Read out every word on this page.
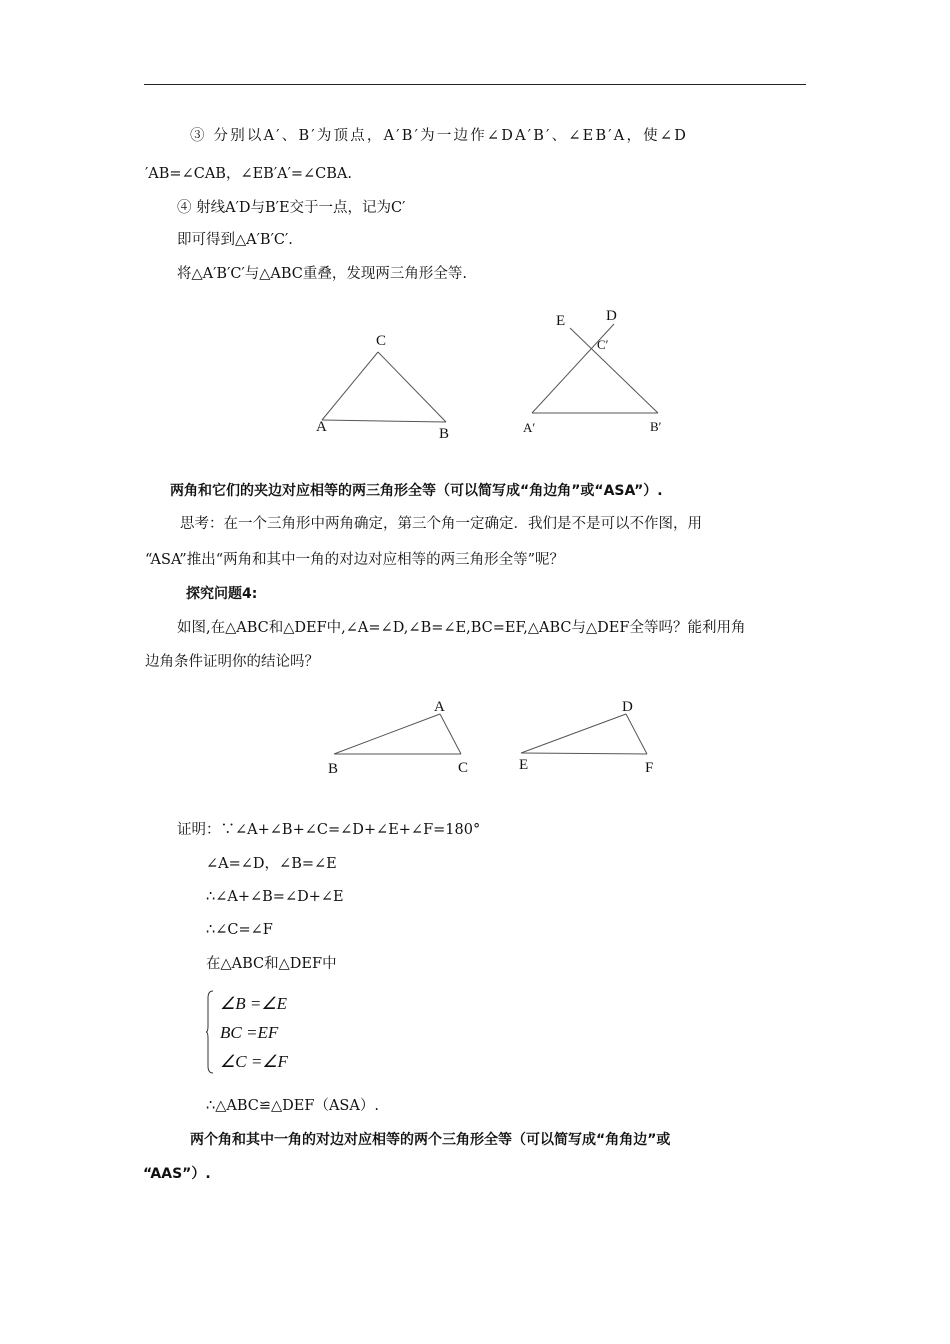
③ 分别以A′、B′为顶点，A′B′为一边作∠DA′B′、∠EB′A，使∠D
′AB=∠CAB，∠EB′A′=∠CBA.
④ 射线A′D与B′E交于一点，记为C′
即可得到△A′B′C′.
将△A′B′C′与△ABC重叠，发现两三角形全等.
C
A	B
E	D
C′
A′	B′
两角和它们的夹边对应相等的两三角形全等（可以简写成“角边角”或“ASA”）.
思考：在一个三角形中两角确定，第三个角一定确定．我们是不是可以不作图，用
“ASA”推出“两角和其中一角的对边对应相等的两三角形全等”呢？
探究问题4:
如图,在△ABC和△DEF中,∠A=∠D,∠B=∠E,BC=EF,△ABC与△DEF全等吗？能利用角
边角条件证明你的结论吗？
A
B	C
D
E	F
证明：∵∠A+∠B+∠C=∠D+∠E+∠F=180°
∠A=∠D，∠B=∠E
∴∠A+∠B=∠D+∠E
∴∠C=∠F
在△ABC和△DEF中
∠B =∠E
BC =EF
∠C =∠F
∴△ABC≌△DEF（ASA）.
两个角和其中一角的对边对应相等的两个三角形全等（可以简写成“角角边”或
“AAS”）.
